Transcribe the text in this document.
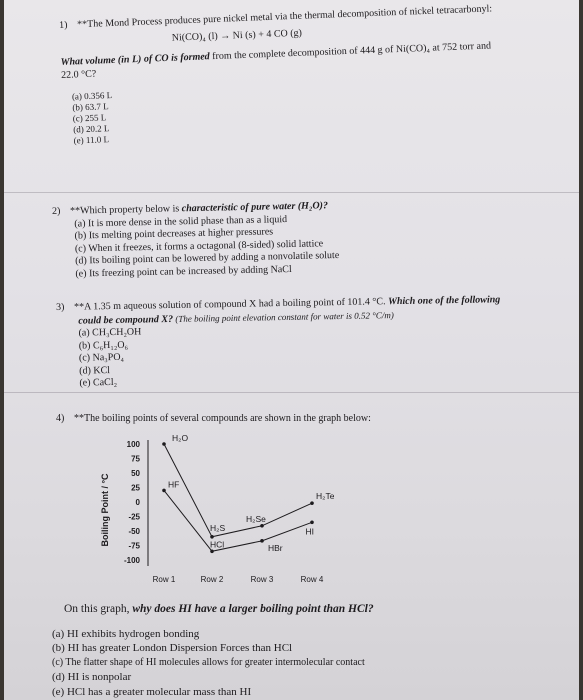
1) **The Mond Process produces pure nickel metal via the thermal decomposition of nickel tetracarbonyl:
Ni(CO)₄ (l) → Ni (s) + 4 CO (g)
What volume (in L) of CO is formed from the complete decomposition of 444 g of Ni(CO)₄ at 752 torr and
22.0 °C?
(a) 0.356 L
(b) 63.7 L
(c) 255 L
(d) 20.2 L
(e) 11.0 L
2) **Which property below is characteristic of pure water (H₂O)?
(a) It is more dense in the solid phase than as a liquid
(b) Its melting point decreases at higher pressures
(c) When it freezes, it forms a octagonal (8-sided) solid lattice
(d) Its boiling point can be lowered by adding a nonvolatile solute
(e) Its freezing point can be increased by adding NaCl
3) **A 1.35 m aqueous solution of compound X had a boiling point of 101.4 °C. Which one of the following
could be compound X? (The boiling point elevation constant for water is 0.52 °C/m)
(a) CH₃CH₂OH
(b) C₆H₁₂O₆
(c) Na₃PO₄
(d) KCl
(e) CaCl₂
4) **The boiling points of several compounds are shown in the graph below:
Boiling Point / °C
100
75
50
25
0
-25
-50
-75
-100
Row 1	Row 2	Row 3	Row 4
H₂O
H₂S
H₂Se
H₂Te
HF
HCl	HBr
HI
On this graph, why does HI have a larger boiling point than HCl?
(a) HI exhibits hydrogen bonding
(b) HI has greater London Dispersion Forces than HCl
(c) The flatter shape of HI molecules allows for greater intermolecular contact
(d) HI is nonpolar
(e) HCl has a greater molecular mass than HI
